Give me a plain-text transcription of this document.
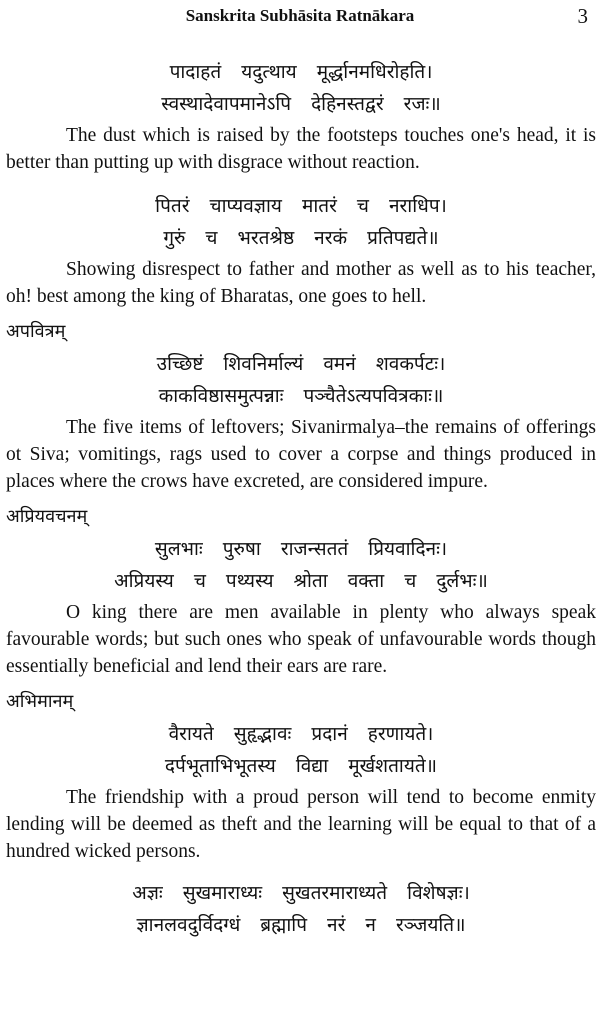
Sanskrita Subhāsita Ratnākara	3
पादाहतं यदुत्थाय मूर्द्धानमधिरोहति।
स्वस्थादेवापमानेऽपि देहिनस्तद्वरं रजः॥

The dust which is raised by the footsteps touches one's head, it is better than putting up with disgrace without reaction.

पितरं चाप्यवज्ञाय मातरं च नराधिप।
गुरुं च भरतश्रेष्ठ नरकं प्रतिपद्यते॥

Showing disrespect to father and mother as well as to his teacher, oh! best among the king of Bharatas, one goes to hell.

अपवित्रम्
उच्छिष्टं शिवनिर्माल्यं वमनं शवकर्पटः।
काकविष्ठासमुत्पन्नाः पञ्चैतेऽत्यपवित्रकाः॥

The five items of leftovers; Sivanirmalya–the remains of offerings ot Siva; vomitings, rags used to cover a corpse and things produced in places where the crows have excreted, are considered impure.

अप्रियवचनम्
सुलभाः पुरुषा राजन्सततं प्रियवादिनः।
अप्रियस्य च पथ्यस्य श्रोता वक्ता च दुर्लभः॥

O king there are men available in plenty who always speak favourable words; but such ones who speak of unfavourable words though essentially beneficial and lend their ears are rare.

अभिमानम्
वैरायते सुहृद्भावः प्रदानं हरणायते।
दर्पभूताभिभूतस्य विद्या मूर्खशतायते॥

The friendship with a proud person will tend to become enmity lending will be deemed as theft and the learning will be equal to that of a hundred wicked persons.

अज्ञः सुखमाराध्यः सुखतरमाराध्यते विशेषज्ञः।
ज्ञानलवदुर्विदग्धं ब्रह्मापि नरं न रञ्जयति॥
